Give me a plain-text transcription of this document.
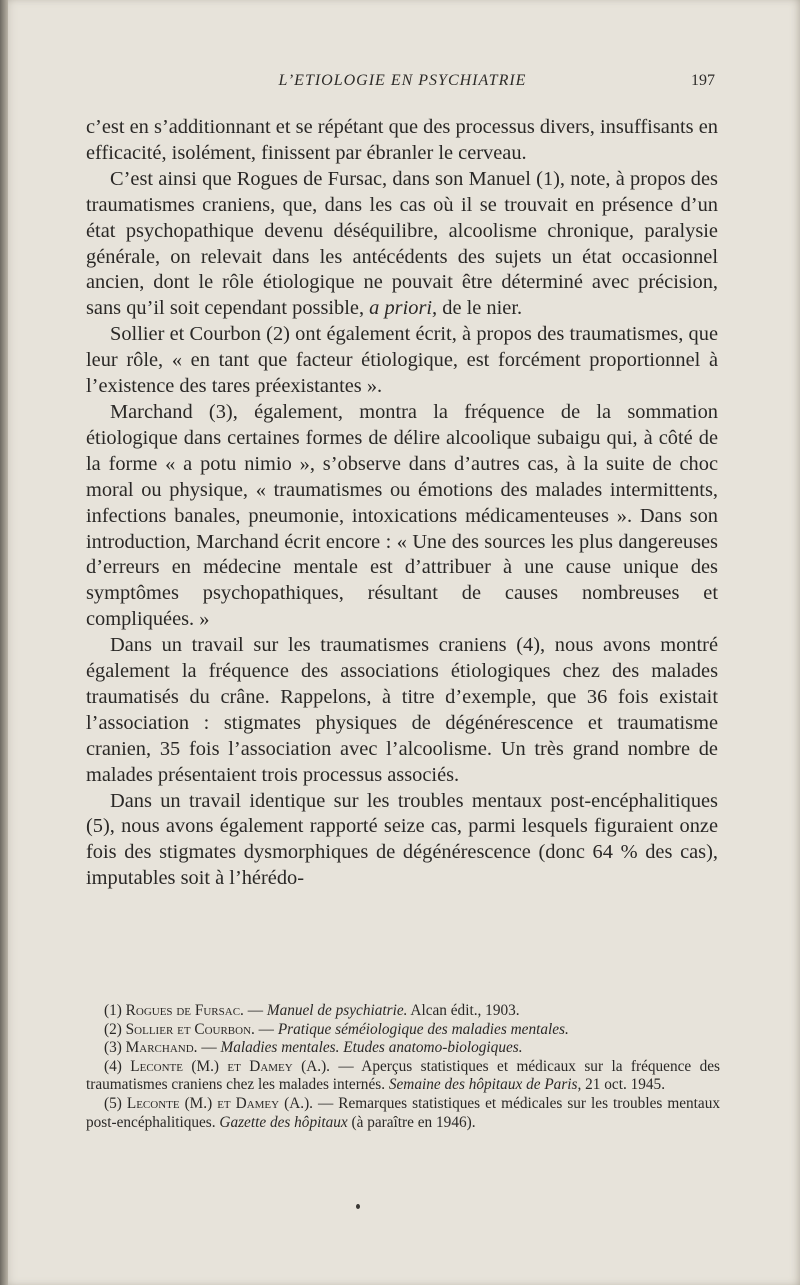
L’ETIOLOGIE EN PSYCHIATRIE	197

c’est en s’additionnant et se répétant que des processus divers, insuffisants en efficacité, isolément, finissent par ébranler le cerveau.

C’est ainsi que Rogues de Fursac, dans son Manuel (1), note, à propos des traumatismes craniens, que, dans les cas où il se trouvait en présence d’un état psychopathique devenu déséquilibre, alcoolisme chronique, paralysie générale, on relevait dans les antécédents des sujets un état occasionnel ancien, dont le rôle étiologique ne pouvait être déterminé avec précision, sans qu’il soit cependant possible, a priori, de le nier.

Sollier et Courbon (2) ont également écrit, à propos des traumatismes, que leur rôle, « en tant que facteur étiologique, est forcément proportionnel à l’existence des tares préexistantes ».

Marchand (3), également, montra la fréquence de la sommation étiologique dans certaines formes de délire alcoolique subaigu qui, à côté de la forme « a potu nimio », s’observe dans d’autres cas, à la suite de choc moral ou physique, « traumatismes ou émotions des malades intermittents, infections banales, pneumonie, intoxications médicamenteuses ». Dans son introduction, Marchand écrit encore : « Une des sources les plus dangereuses d’erreurs en médecine mentale est d’attribuer à une cause unique des symptômes psychopathiques, résultant de causes nombreuses et compliquées. »

Dans un travail sur les traumatismes craniens (4), nous avons montré également la fréquence des associations étiologiques chez des malades traumatisés du crâne. Rappelons, à titre d’exemple, que 36 fois existait l’association : stigmates physiques de dégénérescence et traumatisme cranien, 35 fois l’association avec l’alcoolisme. Un très grand nombre de malades présentaient trois processus associés.

Dans un travail identique sur les troubles mentaux post-encéphalitiques (5), nous avons également rapporté seize cas, parmi lesquels figuraient onze fois des stigmates dysmorphiques de dégénérescence (donc 64 % des cas), imputables soit à l’hérédo-

(1) Rogues de Fursac. — Manuel de psychiatrie. Alcan édit., 1903.

(2) Sollier et Courbon. — Pratique séméiologique des maladies mentales.

(3) Marchand. — Maladies mentales. Etudes anatomo-biologiques.

(4) Leconte (M.) et Damey (A.). — Aperçus statistiques et médicaux sur la fréquence des traumatismes craniens chez les malades internés. Semaine des hôpitaux de Paris, 21 oct. 1945.

(5) Leconte (M.) et Damey (A.). — Remarques statistiques et médicales sur les troubles mentaux post-encéphalitiques. Gazette des hôpitaux (à paraître en 1946).
